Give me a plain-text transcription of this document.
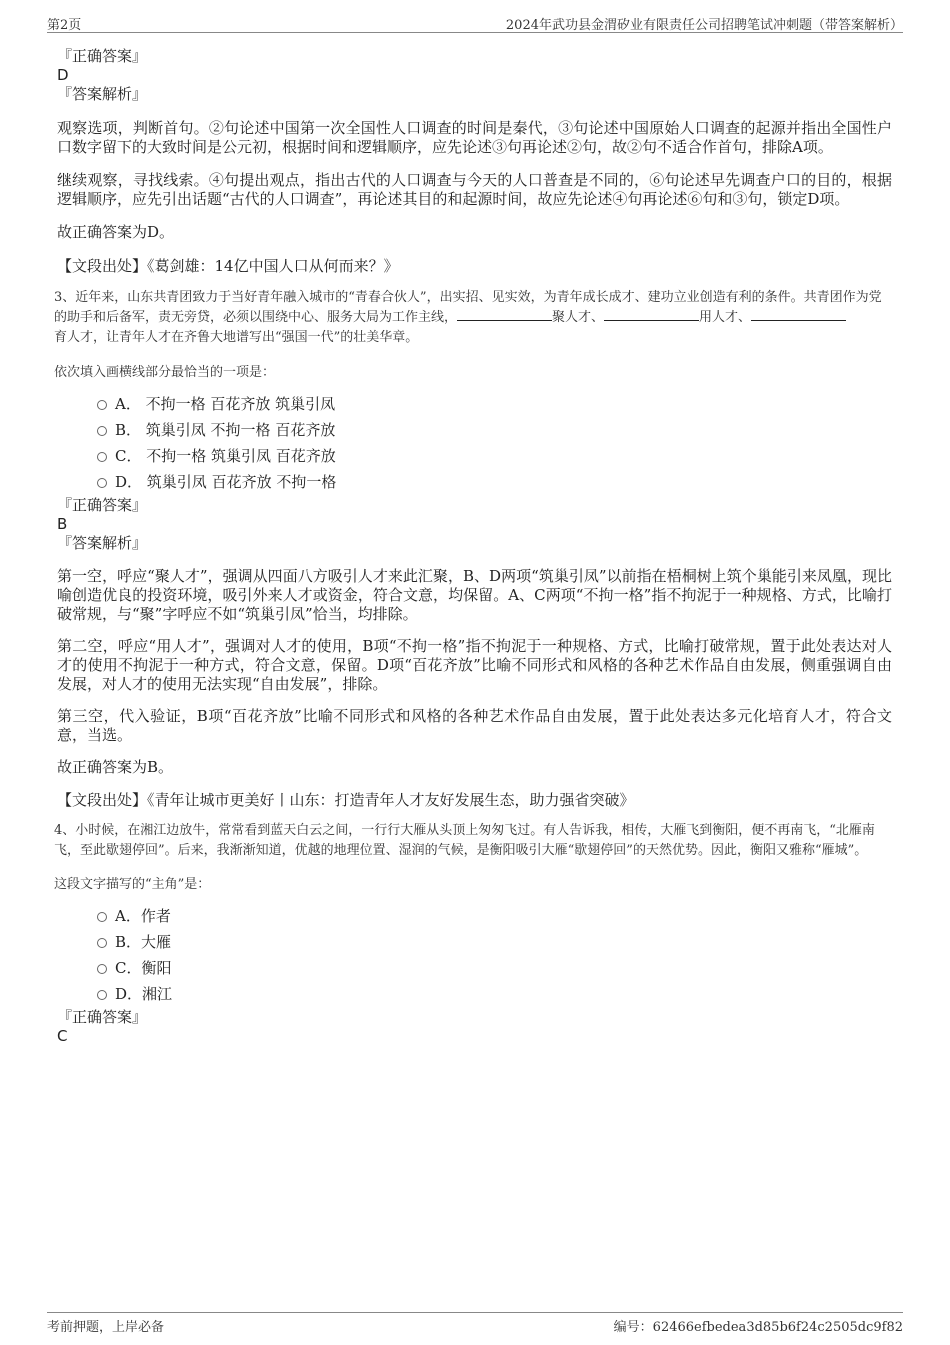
第2页	2024年武功县金渭矽业有限责任公司招聘笔试冲刺题（带答案解析）

『正确答案』

D

『答案解析』

观察选项，判断首句。②句论述中国第一次全国性人口调查的时间是秦代，③句论述中国原始人口调查的起源并指出全国性户口数字留下的大致时间是公元初，根据时间和逻辑顺序，应先论述③句再论述②句，故②句不适合作首句，排除A项。

继续观察，寻找线索。④句提出观点，指出古代的人口调查与今天的人口普查是不同的，⑥句论述早先调查户口的目的，根据逻辑顺序，应先引出话题“古代的人口调查”，再论述其目的和起源时间，故应先论述④句再论述⑥句和③句，锁定D项。

故正确答案为D。

【文段出处】《葛剑雄：14亿中国人口从何而来？》

3、近年来，山东共青团致力于当好青年融入城市的“青春合伙人”，出实招、见实效，为青年成长成才、建功立业创造有利的条件。共青团作为党的助手和后备军，责无旁贷，必须以围绕中心、服务大局为工作主线，	聚人才、	用人才、
育人才，让青年人才在齐鲁大地谱写出“强国一代”的壮美华章。

依次填入画横线部分最恰当的一项是：

A． 不拘一格 百花齐放 筑巢引凤
B． 筑巢引凤 不拘一格 百花齐放
C． 不拘一格 筑巢引凤 百花齐放
D． 筑巢引凤 百花齐放 不拘一格

『正确答案』

B

『答案解析』

第一空，呼应“聚人才”，强调从四面八方吸引人才来此汇聚，B、D两项“筑巢引凤”以前指在梧桐树上筑个巢能引来凤凰，现比喻创造优良的投资环境，吸引外来人才或资金，符合文意，均保留。A、C两项“不拘一格”指不拘泥于一种规格、方式，比喻打破常规，与“聚”字呼应不如“筑巢引凤”恰当，均排除。

第二空，呼应“用人才”，强调对人才的使用，B项“不拘一格”指不拘泥于一种规格、方式，比喻打破常规，置于此处表达对人才的使用不拘泥于一种方式，符合文意，保留。D项“百花齐放”比喻不同形式和风格的各种艺术作品自由发展，侧重强调自由发展，对人才的使用无法实现“自由发展”，排除。

第三空，代入验证，B项“百花齐放”比喻不同形式和风格的各种艺术作品自由发展，置于此处表达多元化培育人才，符合文意，当选。

故正确答案为B。

【文段出处】《青年让城市更美好丨山东：打造青年人才友好发展生态，助力强省突破》

4、小时候，在湘江边放牛，常常看到蓝天白云之间，一行行大雁从头顶上匆匆飞过。有人告诉我，相传，大雁飞到衡阳，便不再南飞，“北雁南飞，至此歇翅停回”。后来，我渐渐知道，优越的地理位置、湿润的气候，是衡阳吸引大雁“歇翅停回”的天然优势。因此，衡阳又雅称“雁城”。

这段文字描写的“主角”是：

A．作者
B．大雁
C．衡阳
D．湘江

『正确答案』

C

考前押题，上岸必备	编号：62466efbedea3d85b6f24c2505dc9f82
